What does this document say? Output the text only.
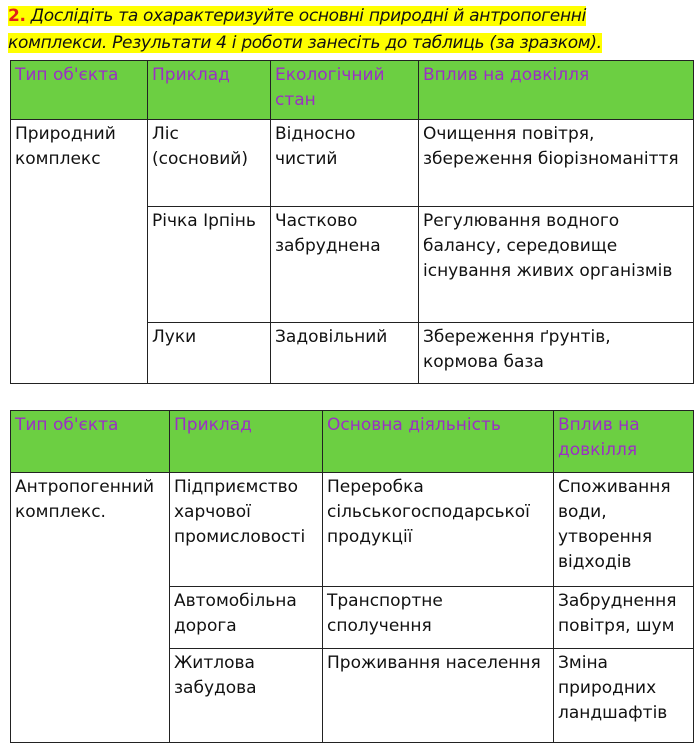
2. Дослідіть та охарактеризуйте основні природні й антропогенні
комплекси. Результати 4 і роботи занесіть до таблиць (за зразком).
Тип об'єкта	Приклад	Екологічний стан	Вплив на довкілля
Природний комплекс	Ліс (сосновий)	Відносно чистий	Очищення повітря, збереження біорізноманіття
	Річка Ірпінь	Частково забруднена	Регулювання водного балансу, середовище існування живих організмів
	Луки	Задовільний	Збереження ґрунтів, кормова база
Тип об'єкта	Приклад	Основна діяльність	Вплив на довкілля
Антропогенний комплекс.	Підприємство харчової промисловості	Переробка сільськогосподарської продукції	Споживання води, утворення відходів
	Автомобільна дорога	Транспортне сполучення	Забруднення повітря, шум
	Житлова забудова	Проживання населення	Зміна природних ландшафтів
